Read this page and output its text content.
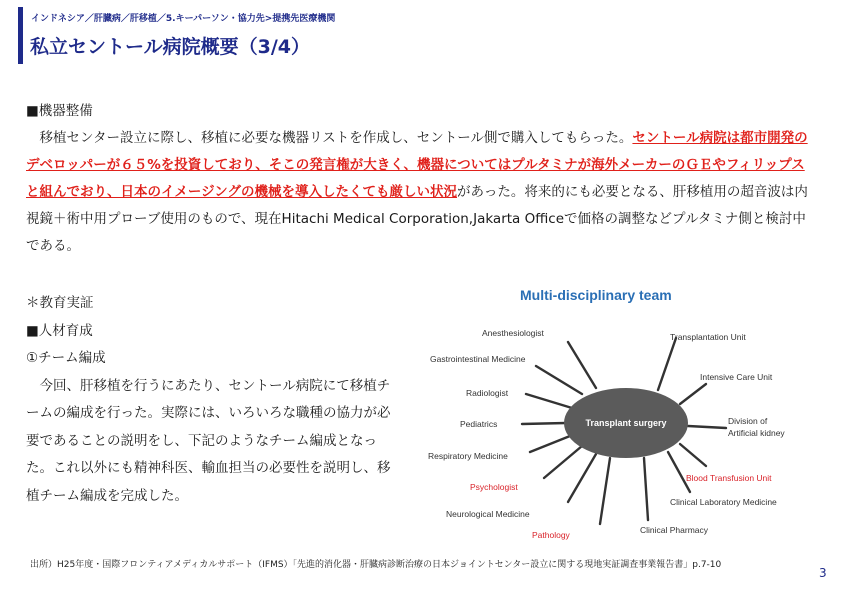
インドネシア／肝臓病／肝移植／5.キーパーソン・協力先>提携先医療機関
私立セントール病院概要（3/4）

■機器整備

　移植センター設立に際し、移植に必要な機器リストを作成し、セントール側で購入してもらった。セントール病院は都市開発のデベロッパーが６５%を投資しており、そこの発言権が大きく、機器についてはプルタミナが海外メーカーのＧＥやフィリップスと組んでおり、日本のイメージングの機械を導入したくても厳しい状況があった。将来的にも必要となる、肝移植用の超音波は内視鏡＋術中用プローブ使用のもので、現在Hitachi Medical Corporation,Jakarta Officeで価格の調整などプルタミナ側と検討中である。

＊教育実証

■人材育成

①チーム編成

今回、肝移植を行うにあたり、セントール病院にて移植チームの編成を行った。実際には、いろいろな職種の協力が必要であることの説明をし、下記のようなチーム編成となった。これ以外にも精神科医、輸血担当の必要性を説明し、移植チーム編成を完成した。

Multi-disciplinary team
Transplant surgery
Anesthesiologist
Gastrointestinal Medicine
Radiologist
Pediatrics
Respiratory Medicine
Psychologist
Neurological Medicine
Pathology	Clinical Pharmacy
Clinical Laboratory Medicine
Blood Transfusion Unit
Division of
Artificial kidney
Intensive Care Unit
Transplantation Unit
出所）H25年度・国際フロンティアメディカルサポート（IFMS）「先進的消化器・肝臓病診断治療の日本ジョイントセンター設立に関する現地実証調査事業報告書」p.7-10
3
